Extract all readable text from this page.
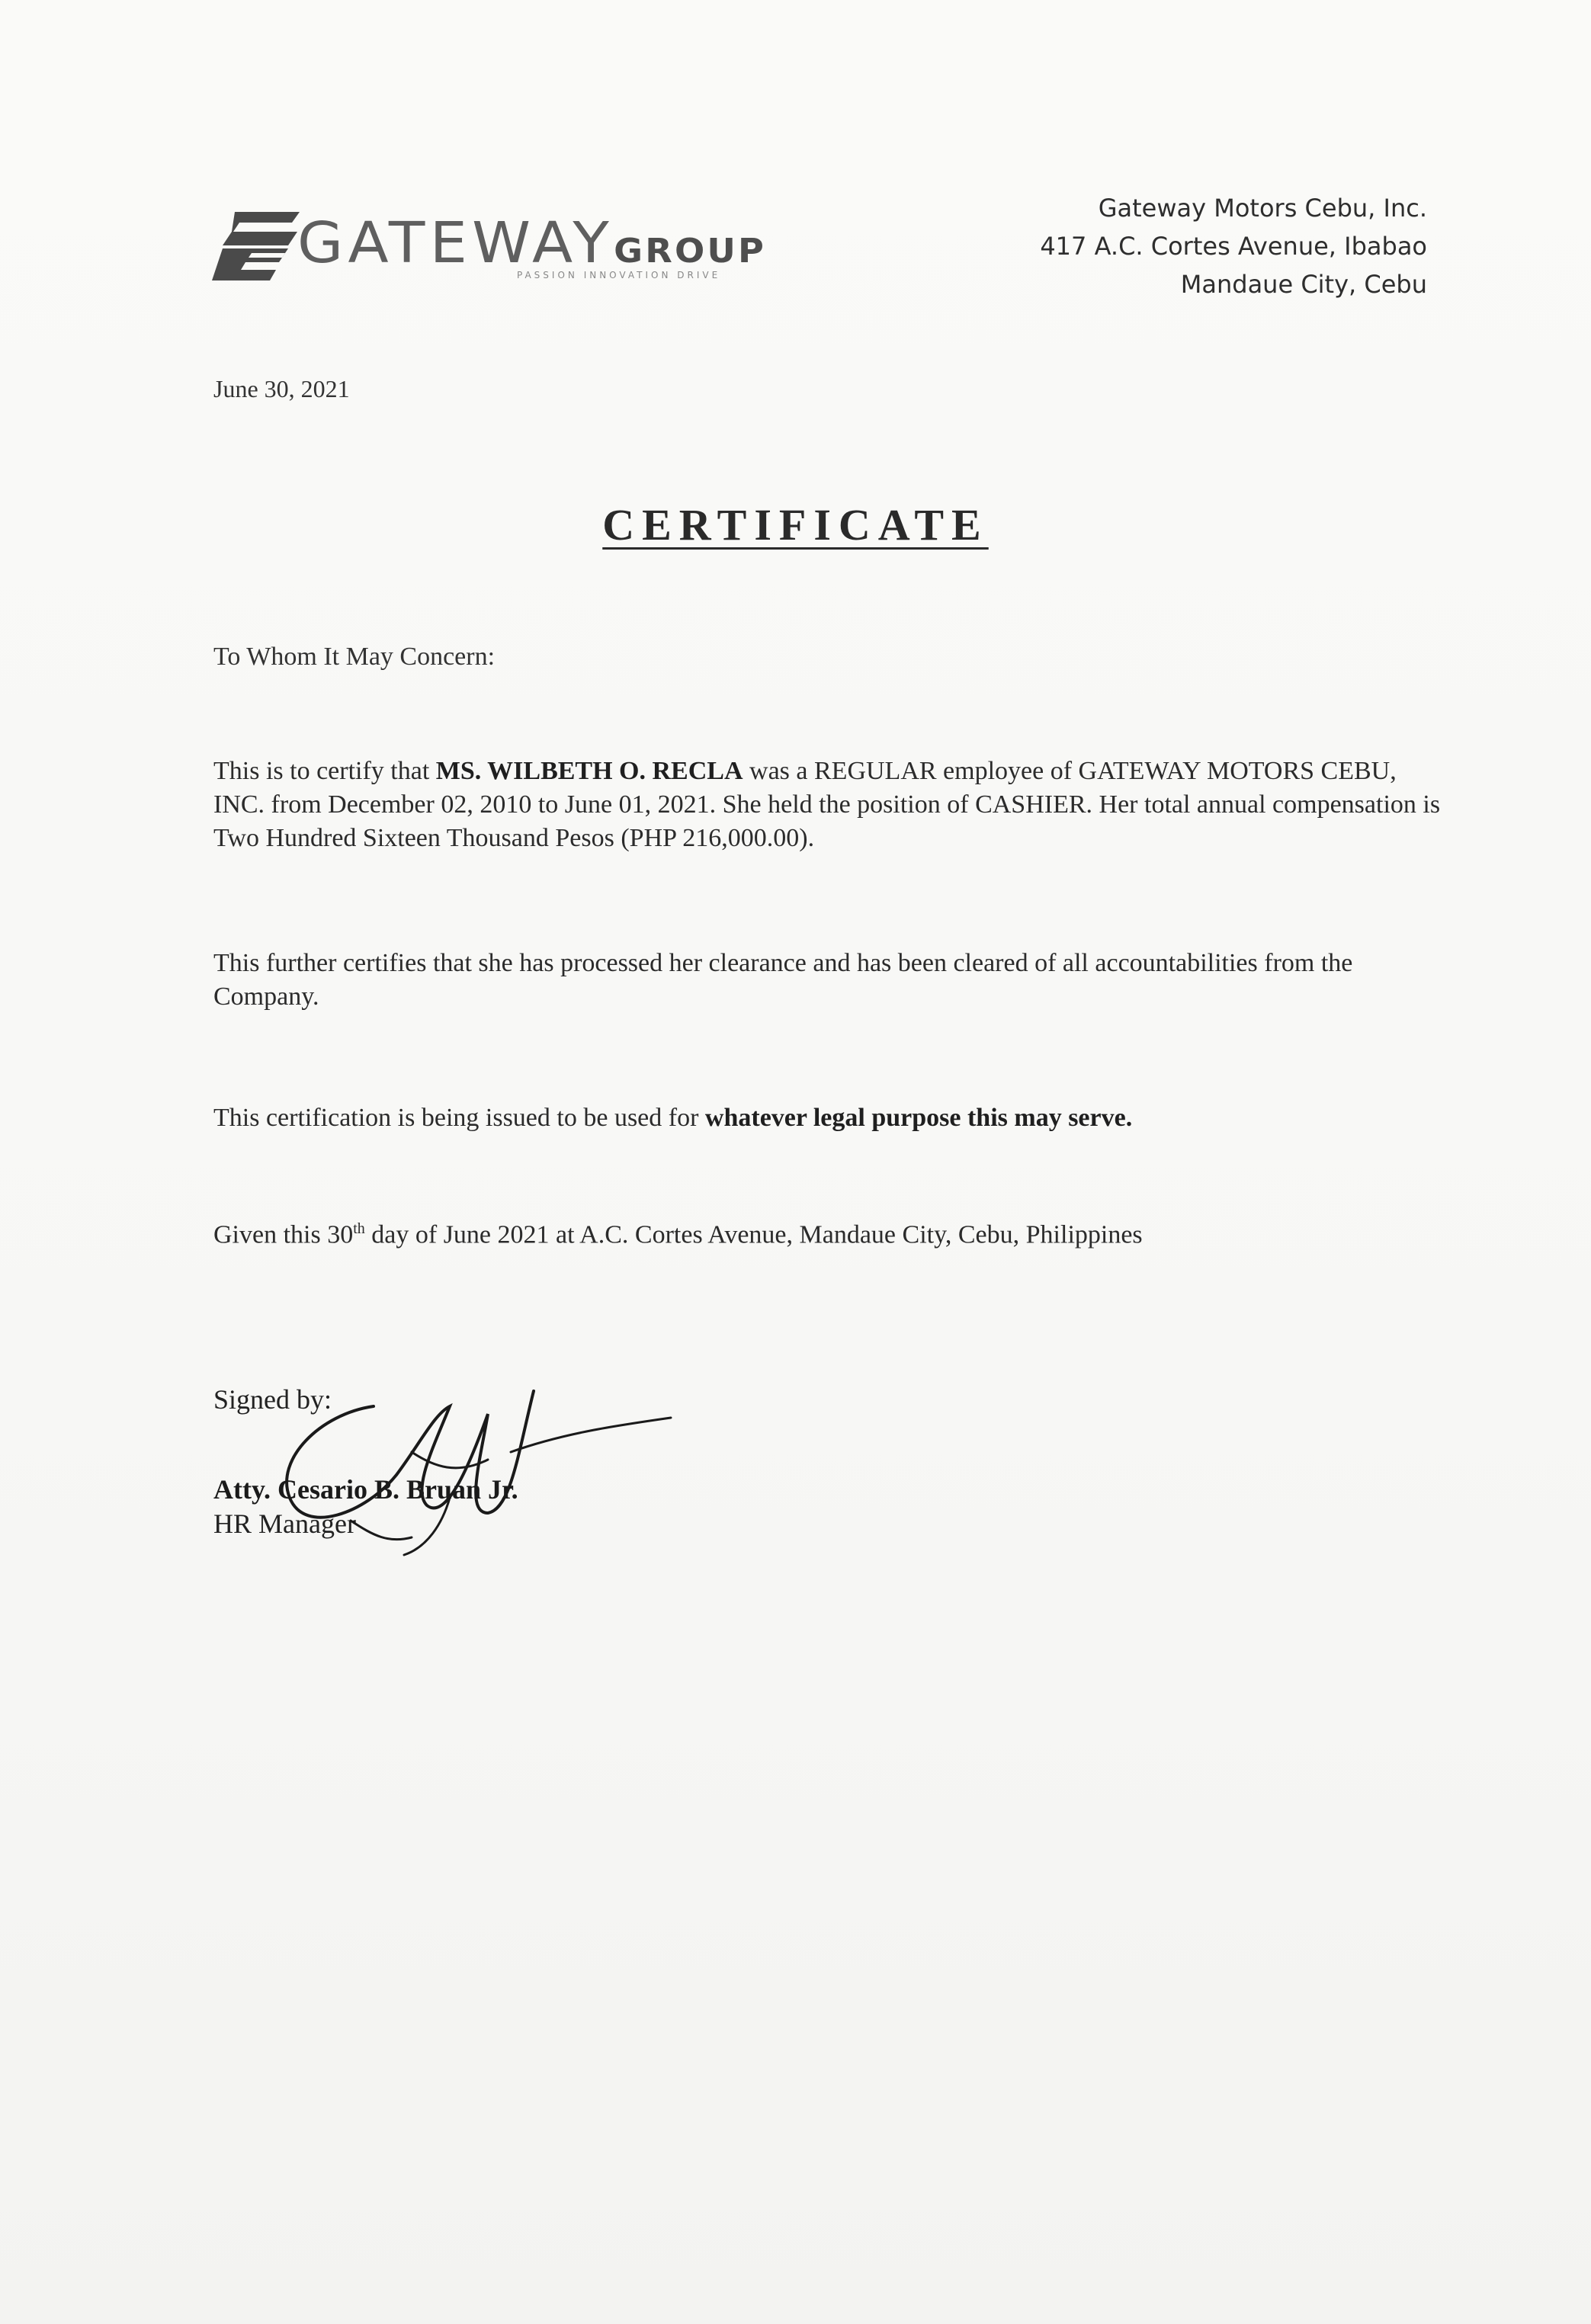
GATEWAYGROUP
PASSION INNOVATION DRIVE
Gateway Motors Cebu, Inc.
417 A.C. Cortes Avenue, Ibabao
Mandaue City, Cebu
June 30, 2021
CERTIFICATE
To Whom It May Concern:
This is to certify that MS. WILBETH O. RECLA was a REGULAR employee of GATEWAY MOTORS CEBU, INC. from December 02, 2010 to June 01, 2021. She held the position of CASHIER. Her total annual compensation is Two Hundred Sixteen Thousand Pesos (PHP 216,000.00).
This further certifies that she has processed her clearance and has been cleared of all accountabilities from the Company.
This certification is being issued to be used for whatever legal purpose this may serve.
Given this 30th day of June 2021 at A.C. Cortes Avenue, Mandaue City, Cebu, Philippines
Signed by:
Atty. Cesario B. Bruan Jr.
HR Manager
